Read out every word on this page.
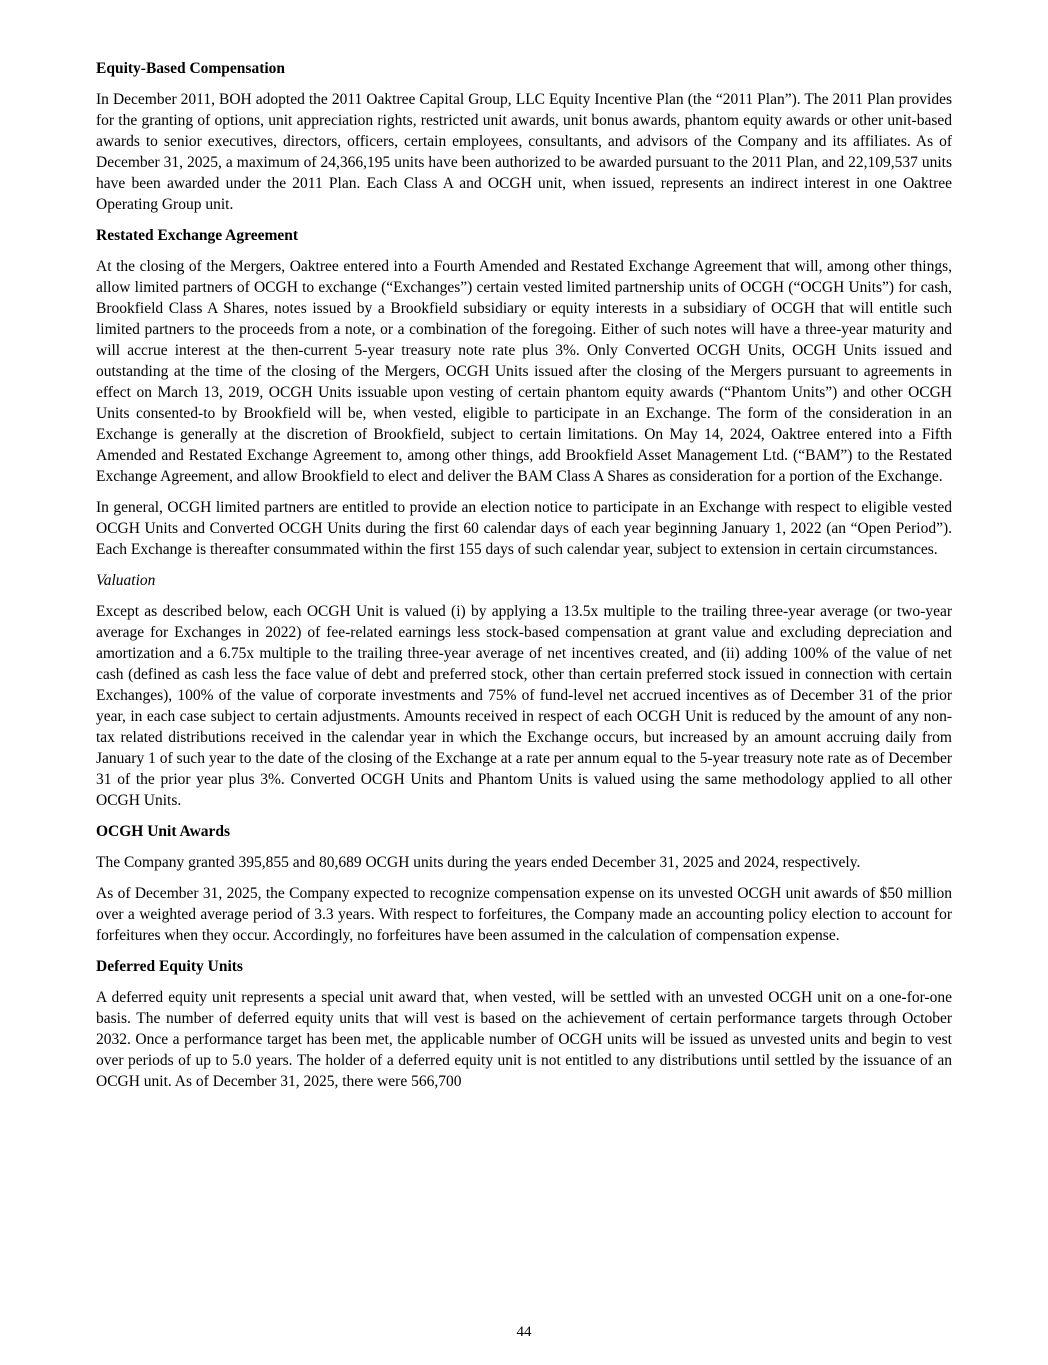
Equity-Based Compensation
In December 2011, BOH adopted the 2011 Oaktree Capital Group, LLC Equity Incentive Plan (the “2011 Plan”). The 2011 Plan provides for the granting of options, unit appreciation rights, restricted unit awards, unit bonus awards, phantom equity awards or other unit-based awards to senior executives, directors, officers, certain employees, consultants, and advisors of the Company and its affiliates. As of December 31, 2025, a maximum of 24,366,195 units have been authorized to be awarded pursuant to the 2011 Plan, and 22,109,537 units have been awarded under the 2011 Plan. Each Class A and OCGH unit, when issued, represents an indirect interest in one Oaktree Operating Group unit.
Restated Exchange Agreement
At the closing of the Mergers, Oaktree entered into a Fourth Amended and Restated Exchange Agreement that will, among other things, allow limited partners of OCGH to exchange (“Exchanges”) certain vested limited partnership units of OCGH (“OCGH Units”) for cash, Brookfield Class A Shares, notes issued by a Brookfield subsidiary or equity interests in a subsidiary of OCGH that will entitle such limited partners to the proceeds from a note, or a combination of the foregoing. Either of such notes will have a three-year maturity and will accrue interest at the then-current 5-year treasury note rate plus 3%. Only Converted OCGH Units, OCGH Units issued and outstanding at the time of the closing of the Mergers, OCGH Units issued after the closing of the Mergers pursuant to agreements in effect on March 13, 2019, OCGH Units issuable upon vesting of certain phantom equity awards (“Phantom Units”) and other OCGH Units consented-to by Brookfield will be, when vested, eligible to participate in an Exchange. The form of the consideration in an Exchange is generally at the discretion of Brookfield, subject to certain limitations. On May 14, 2024, Oaktree entered into a Fifth Amended and Restated Exchange Agreement to, among other things, add Brookfield Asset Management Ltd. (“BAM”) to the Restated Exchange Agreement, and allow Brookfield to elect and deliver the BAM Class A Shares as consideration for a portion of the Exchange.
In general, OCGH limited partners are entitled to provide an election notice to participate in an Exchange with respect to eligible vested OCGH Units and Converted OCGH Units during the first 60 calendar days of each year beginning January 1, 2022 (an “Open Period”). Each Exchange is thereafter consummated within the first 155 days of such calendar year, subject to extension in certain circumstances.
Valuation
Except as described below, each OCGH Unit is valued (i) by applying a 13.5x multiple to the trailing three-year average (or two-year average for Exchanges in 2022) of fee-related earnings less stock-based compensation at grant value and excluding depreciation and amortization and a 6.75x multiple to the trailing three-year average of net incentives created, and (ii) adding 100% of the value of net cash (defined as cash less the face value of debt and preferred stock, other than certain preferred stock issued in connection with certain Exchanges), 100% of the value of corporate investments and 75% of fund-level net accrued incentives as of December 31 of the prior year, in each case subject to certain adjustments. Amounts received in respect of each OCGH Unit is reduced by the amount of any non-tax related distributions received in the calendar year in which the Exchange occurs, but increased by an amount accruing daily from January 1 of such year to the date of the closing of the Exchange at a rate per annum equal to the 5-year treasury note rate as of December 31 of the prior year plus 3%. Converted OCGH Units and Phantom Units is valued using the same methodology applied to all other OCGH Units.
OCGH Unit Awards
The Company granted 395,855 and 80,689 OCGH units during the years ended December 31, 2025 and 2024, respectively.
As of December 31, 2025, the Company expected to recognize compensation expense on its unvested OCGH unit awards of $50 million over a weighted average period of 3.3 years. With respect to forfeitures, the Company made an accounting policy election to account for forfeitures when they occur. Accordingly, no forfeitures have been assumed in the calculation of compensation expense.
Deferred Equity Units
A deferred equity unit represents a special unit award that, when vested, will be settled with an unvested OCGH unit on a one-for-one basis. The number of deferred equity units that will vest is based on the achievement of certain performance targets through October 2032. Once a performance target has been met, the applicable number of OCGH units will be issued as unvested units and begin to vest over periods of up to 5.0 years. The holder of a deferred equity unit is not entitled to any distributions until settled by the issuance of an OCGH unit. As of December 31, 2025, there were 566,700
44
